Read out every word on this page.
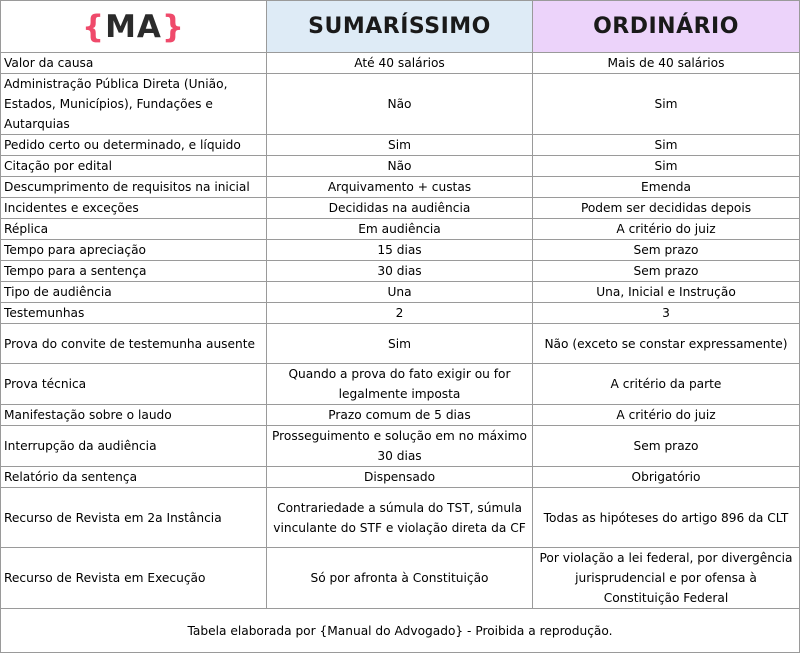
{MA}	SUMARÍSSIMO	ORDINÁRIO
Valor da causa	Até 40 salários	Mais de 40 salários
Administração Pública Direta (União, Estados, Municípios), Fundações e Autarquias	Não	Sim
Pedido certo ou determinado, e líquido	Sim	Sim
Citação por edital	Não	Sim
Descumprimento de requisitos na inicial	Arquivamento + custas	Emenda
Incidentes e exceções	Decididas na audiência	Podem ser decididas depois
Réplica	Em audiência	A critério do juiz
Tempo para apreciação	15 dias	Sem prazo
Tempo para a sentença	30 dias	Sem prazo
Tipo de audiência	Una	Una, Inicial e Instrução
Testemunhas	2	3
Prova do convite de testemunha ausente	Sim	Não (exceto se constar expressamente)
Prova técnica	Quando a prova do fato exigir ou for legalmente imposta	A critério da parte
Manifestação sobre o laudo	Prazo comum de 5 dias	A critério do juiz
Interrupção da audiência	Prosseguimento e solução em no máximo 30 dias	Sem prazo
Relatório da sentença	Dispensado	Obrigatório
Recurso de Revista em 2a Instância	Contrariedade a súmula do TST, súmula vinculante do STF e violação direta da CF	Todas as hipóteses do artigo 896 da CLT
Recurso de Revista em Execução	Só por afronta à Constituição	Por violação a lei federal, por divergência jurisprudencial e por ofensa à Constituição Federal
Tabela elaborada por {Manual do Advogado} - Proibida a reprodução.		
